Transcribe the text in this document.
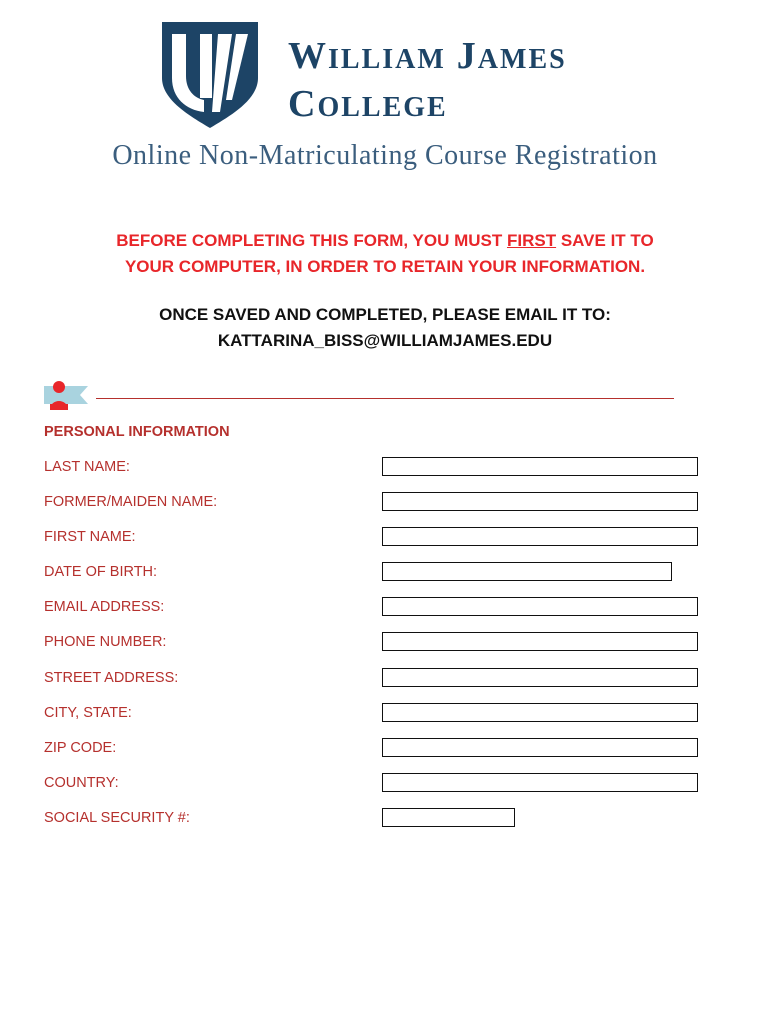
WILLIAM JAMES
COLLEGE
Online Non-Matriculating Course Registration
BEFORE COMPLETING THIS FORM, YOU MUST FIRST SAVE IT TO
YOUR COMPUTER, IN ORDER TO RETAIN YOUR INFORMATION.
ONCE SAVED AND COMPLETED, PLEASE EMAIL IT TO:
KATTARINA_BISS@WILLIAMJAMES.EDU
PERSONAL INFORMATION
LAST NAME:
FORMER/MAIDEN NAME:
FIRST NAME:
DATE OF BIRTH:
EMAIL ADDRESS:
PHONE NUMBER:
STREET ADDRESS:
CITY, STATE:
ZIP CODE:
COUNTRY:
SOCIAL SECURITY #:
